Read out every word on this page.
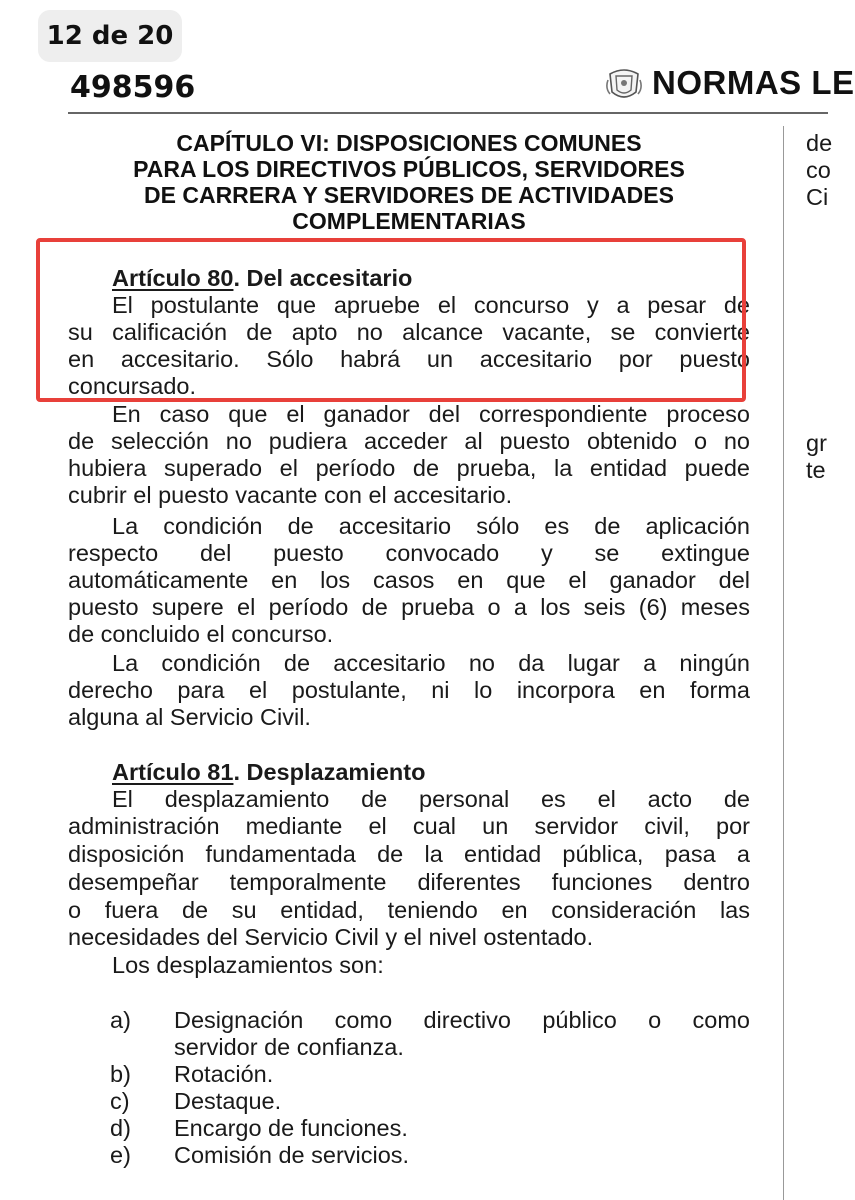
12 de 20
498596	NORMAS LE
CAPÍTULO VI: DISPOSICIONES COMUNES
PARA LOS DIRECTIVOS PÚBLICOS, SERVIDORES
DE CARRERA Y SERVIDORES DE ACTIVIDADES
COMPLEMENTARIAS
Artículo 80. Del accesitario
El postulante que apruebe el concurso y a pesar de
su calificación de apto no alcance vacante, se convierte
en accesitario. Sólo habrá un accesitario por puesto
concursado.
En caso que el ganador del correspondiente proceso
de selección no pudiera acceder al puesto obtenido o no
hubiera superado el período de prueba, la entidad puede
cubrir el puesto vacante con el accesitario.
La condición de accesitario sólo es de aplicación
respecto del puesto convocado y se extingue
automáticamente en los casos en que el ganador del
puesto supere el período de prueba o a los seis (6) meses
de concluido el concurso.
La condición de accesitario no da lugar a ningún
derecho para el postulante, ni lo incorpora en forma
alguna al Servicio Civil.
Artículo 81. Desplazamiento
El desplazamiento de personal es el acto de
administración mediante el cual un servidor civil, por
disposición fundamentada de la entidad pública, pasa a
desempeñar temporalmente diferentes funciones dentro
o fuera de su entidad, teniendo en consideración las
necesidades del Servicio Civil y el nivel ostentado.
Los desplazamientos son:
a) Designación como directivo público o como
servidor de confianza.
b) Rotación.
c) Destaque.
d) Encargo de funciones.
e) Comisión de servicios.
de
co
Ci
gr
te
